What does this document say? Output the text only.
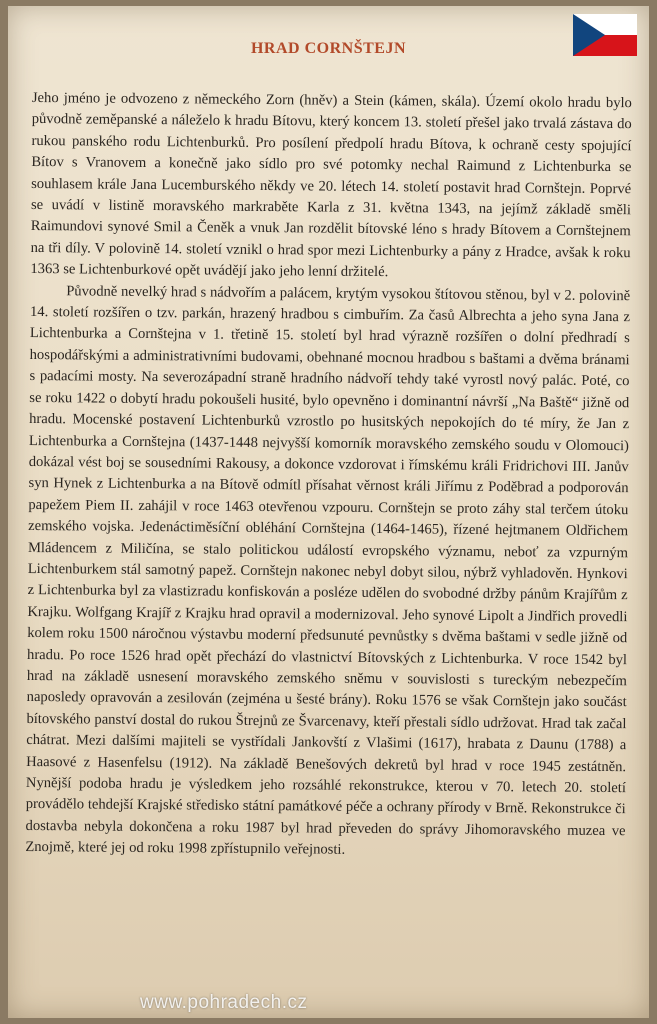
HRAD CORNŠTEJN

Jeho jméno je odvozeno z německého Zorn (hněv) a Stein (kámen, skála). Území okolo hradu bylo původně zeměpanské a náleželo k hradu Bítovu, který koncem 13. století přešel jako trvalá zástava do rukou panského rodu Lichtenburků. Pro posílení předpolí hradu Bítova, k ochraně cesty spojující Bítov s Vranovem a konečně jako sídlo pro své potomky nechal Raimund z Lichtenburka se souhlasem krále Jana Lucemburského někdy ve 20. létech 14. století postavit hrad Cornštejn. Poprvé se uvádí v listině moravského markraběte Karla z 31. května 1343, na jejímž základě směli Raimundovi synové Smil a Čeněk a vnuk Jan rozdělit bítovské léno s hrady Bítovem a Cornštejnem na tři díly. V polovině 14. století vznikl o hrad spor mezi Lichtenburky a pány z Hradce, avšak k roku 1363 se Lichtenburkové opět uvádějí jako jeho lenní držitelé.

Původně nevelký hrad s nádvořím a palácem, krytým vysokou štítovou stěnou, byl v 2. polovině 14. století rozšířen o tzv. parkán, hrazený hradbou s cimbuřím. Za časů Albrechta a jeho syna Jana z Lichtenburka a Cornštejna v 1. třetině 15. století byl hrad výrazně rozšířen o dolní předhradí s hospodářskými a administrativními budovami, obehnané mocnou hradbou s baštami a dvěma bránami s padacími mosty. Na severozápadní straně hradního nádvoří tehdy také vyrostl nový palác. Poté, co se roku 1422 o dobytí hradu pokoušeli husité, bylo opevněno i dominantní návrší „Na Baště“ jižně od hradu. Mocenské postavení Lichtenburků vzrostlo po husitských nepokojích do té míry, že Jan z Lichtenburka a Cornštejna (1437-1448 nejvyšší komorník moravského zemského soudu v Olomouci) dokázal vést boj se sousedními Rakousy, a dokonce vzdorovat i římskému králi Fridrichovi III. Janův syn Hynek z Lichtenburka a na Bítově odmítl přísahat věrnost králi Jiřímu z Poděbrad a podporován papežem Piem II. zahájil v roce 1463 otevřenou vzpouru. Cornštejn se proto záhy stal terčem útoku zemského vojska. Jedenáctiměsíční obléhání Cornštejna (1464-1465), řízené hejtmanem Oldřichem Mládencem z Miličína, se stalo politickou událostí evropského významu, neboť za vzpurným Lichtenburkem stál samotný papež. Cornštejn nakonec nebyl dobyt silou, nýbrž vyhladověn. Hynkovi z Lichtenburka byl za vlastizradu konfiskován a posléze udělen do svobodné držby pánům Krajířům z Krajku. Wolfgang Krajíř z Krajku hrad opravil a modernizoval. Jeho synové Lipolt a Jindřich provedli kolem roku 1500 náročnou výstavbu moderní předsunuté pevnůstky s dvěma baštami v sedle jižně od hradu. Po roce 1526 hrad opět přechází do vlastnictví Bítovských z Lichtenburka. V roce 1542 byl hrad na základě usnesení moravského zemského sněmu v souvislosti s tureckým nebezpečím naposledy opravován a zesilován (zejména u šesté brány). Roku 1576 se však Cornštejn jako součást bítovského panství dostal do rukou Štrejnů ze Švarcenavy, kteří přestali sídlo udržovat. Hrad tak začal chátrat. Mezi dalšími majiteli se vystřídali Jankovští z Vlašimi (1617), hrabata z Daunu (1788) a Haasové z Hasenfelsu (1912). Na základě Benešových dekretů byl hrad v roce 1945 zestátněn. Nynější podoba hradu je výsledkem jeho rozsáhlé rekonstrukce, kterou v 70. letech 20. století provádělo tehdejší Krajské středisko státní památkové péče a ochrany přírody v Brně. Rekonstrukce či dostavba nebyla dokončena a roku 1987 byl hrad převeden do správy Jihomoravského muzea ve Znojmě, které jej od roku 1998 zpřístupnilo veřejnosti.

www.pohradech.cz
